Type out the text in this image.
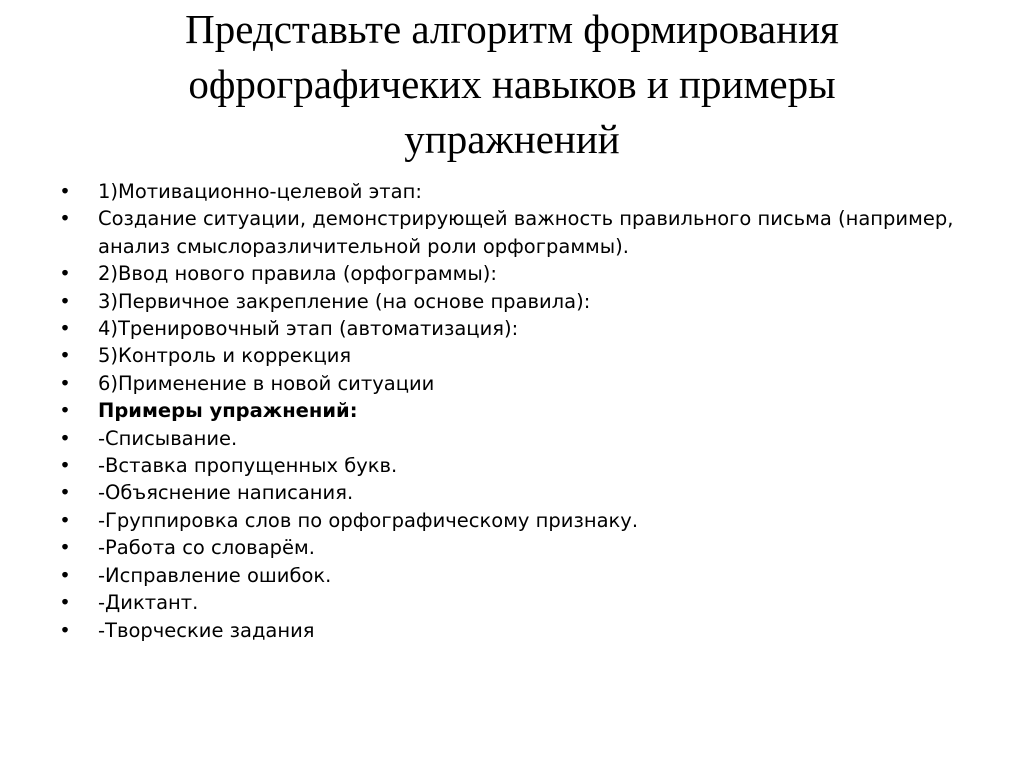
Представьте алгоритм формирования
офрографичеких навыков и примеры
упражнений
• 1)Мотивационно-целевой этап:
• Создание ситуации, демонстрирующей важность правильного письма (например, анализ смыслоразличительной роли орфограммы).
• 2)Ввод нового правила (орфограммы):
• 3)Первичное закрепление (на основе правила):
• 4)Тренировочный этап (автоматизация):
• 5)Контроль и коррекция
• 6)Применение в новой ситуации
• Примеры упражнений:
• -Списывание.
• -Вставка пропущенных букв.
• -Объяснение написания.
• -Группировка слов по орфографическому признаку.
• -Работа со словарём.
• -Исправление ошибок.
• -Диктант.
• -Творческие задания
